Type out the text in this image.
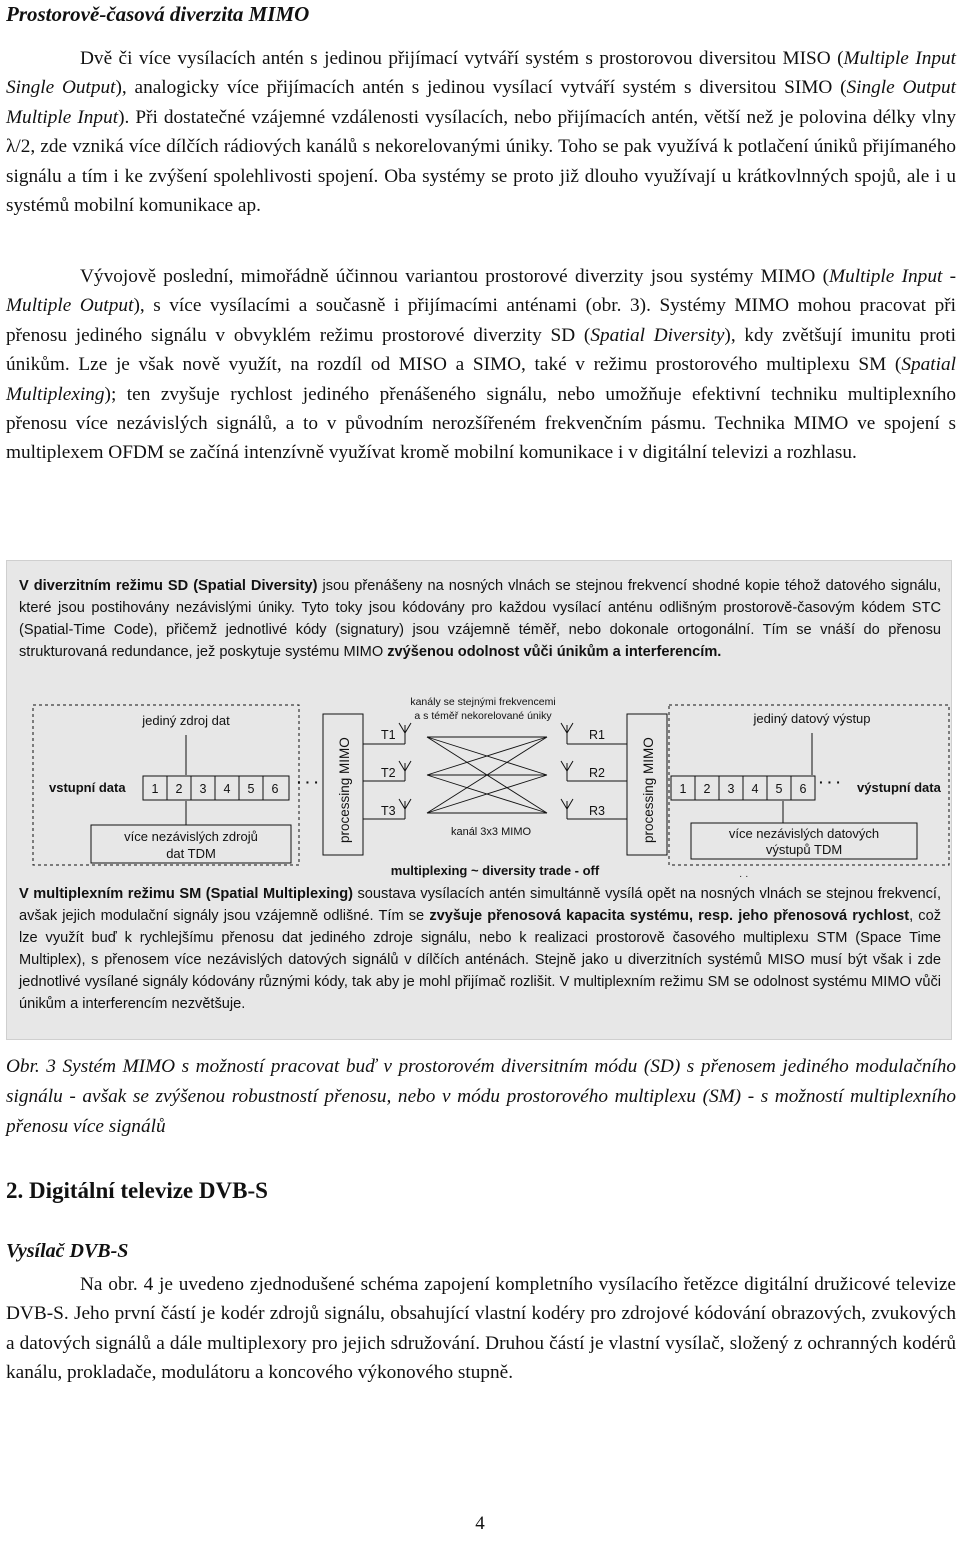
Prostorově-časová diverzita MIMO

Dvě či více vysílacích antén s jedinou přijímací vytváří systém s prostorovou diversitou MISO (Multiple Input Single Output), analogicky více přijímacích antén s jedinou vysílací vytváří systém s diversitou SIMO (Single Output Multiple Input). Při dostatečné vzájemné vzdálenosti vysílacích, nebo přijímacích antén, větší než je polovina délky vlny λ/2, zde vzniká více dílčích rádiových kanálů s nekorelovanými úniky. Toho se pak využívá k potlačení úniků přijímaného signálu a tím i ke zvýšení spolehlivosti spojení. Oba systémy se proto již dlouho využívají u krátkovlnných spojů, ale i u systémů mobilní komunikace ap.

Vývojově poslední, mimořádně účinnou variantou prostorové diverzity jsou systémy MIMO (Multiple Input - Multiple Output), s více vysílacími a současně i přijímacími anténami (obr. 3). Systémy MIMO mohou pracovat při přenosu jediného signálu v obvyklém režimu prostorové diverzity SD (Spatial Diversity), kdy zvětšují imunitu proti únikům. Lze je však nově využít, na rozdíl od MISO a SIMO, také v režimu prostorového multiplexu SM (Spatial Multiplexing); ten zvyšuje rychlost jediného přenášeného signálu, nebo umožňuje efektivní techniku multiplexního přenosu více nezávislých signálů, a to v původním nerozšířeném frekvenčním pásmu. Technika MIMO ve spojení s multiplexem OFDM se začíná intenzívně využívat kromě mobilní komunikace i v digitální televizi a rozhlasu.

V diverzitním režimu SD (Spatial Diversity) jsou přenášeny na nosných vlnách se stejnou frekvencí shodné kopie téhož datového signálu, které jsou postihovány nezávislými úniky. Tyto toky jsou kódovány pro každou vysílací anténu odlišným prostorově-časovým kódem STC (Spatial-Time Code), přičemž jednotlivé kódy (signatury) jsou vzájemně téměř, nebo dokonale ortogonální. Tím se vnáší do přenosu strukturovaná redundance, jež poskytuje systému MIMO zvýšenou odolnost vůči únikům a interferencím.

jediný zdroj dat
vstupní data 1 2 3 4 5 6 · · ·
více nezávislých zdrojů
dat TDM
processing MIMO
kanály se stejnými frekvencemi
a s téměř nekorelované úniky
T1
T2
T3
kanál 3x3 MIMO
R1
R2
R3	processing MIMO
multiplexing ~ diversity trade - off
jediný datový výstup
1 2 3 4 5 6 · · · výstupní data
více nezávislých datových
výstupů TDM
· ·

V multiplexním režimu SM (Spatial Multiplexing) soustava vysílacích antén simultánně vysílá opět na nosných vlnách se stejnou frekvencí, avšak jejich modulační signály jsou vzájemně odlišné. Tím se zvyšuje přenosová kapacita systému, resp. jeho přenosová rychlost, což lze využít buď k rychlejšímu přenosu dat jediného zdroje signálu, nebo k realizaci prostorově časového multiplexu STM (Space Time Multiplex), s přenosem více nezávislých datových signálů v dílčích anténách. Stejně jako u diverzitních systémů MISO musí být však i zde jednotlivé vysílané signály kódovány různými kódy, tak aby je mohl přijímač rozlišit. V multiplexním režimu SM se odolnost systému MIMO vůči únikům a interferencím nezvětšuje.

Obr. 3 Systém MIMO s možností pracovat buď v prostorovém diversitním módu (SD) s přenosem jediného modulačního signálu - avšak se zvýšenou robustností přenosu, nebo v módu prostorového multiplexu (SM) - s možností multiplexního přenosu více signálů

2. Digitální televize DVB-S
Vysílač DVB-S

Na obr. 4 je uvedeno zjednodušené schéma zapojení kompletního vysílacího řetězce digitální družicové televize DVB-S. Jeho první částí je kodér zdrojů signálu, obsahující vlastní kodéry pro zdrojové kódování obrazových, zvukových a datových signálů a dále multiplexory pro jejich sdružování. Druhou částí je vlastní vysílač, složený z ochranných kodérů kanálu, prokladače, modulátoru a koncového výkonového stupně.

4
